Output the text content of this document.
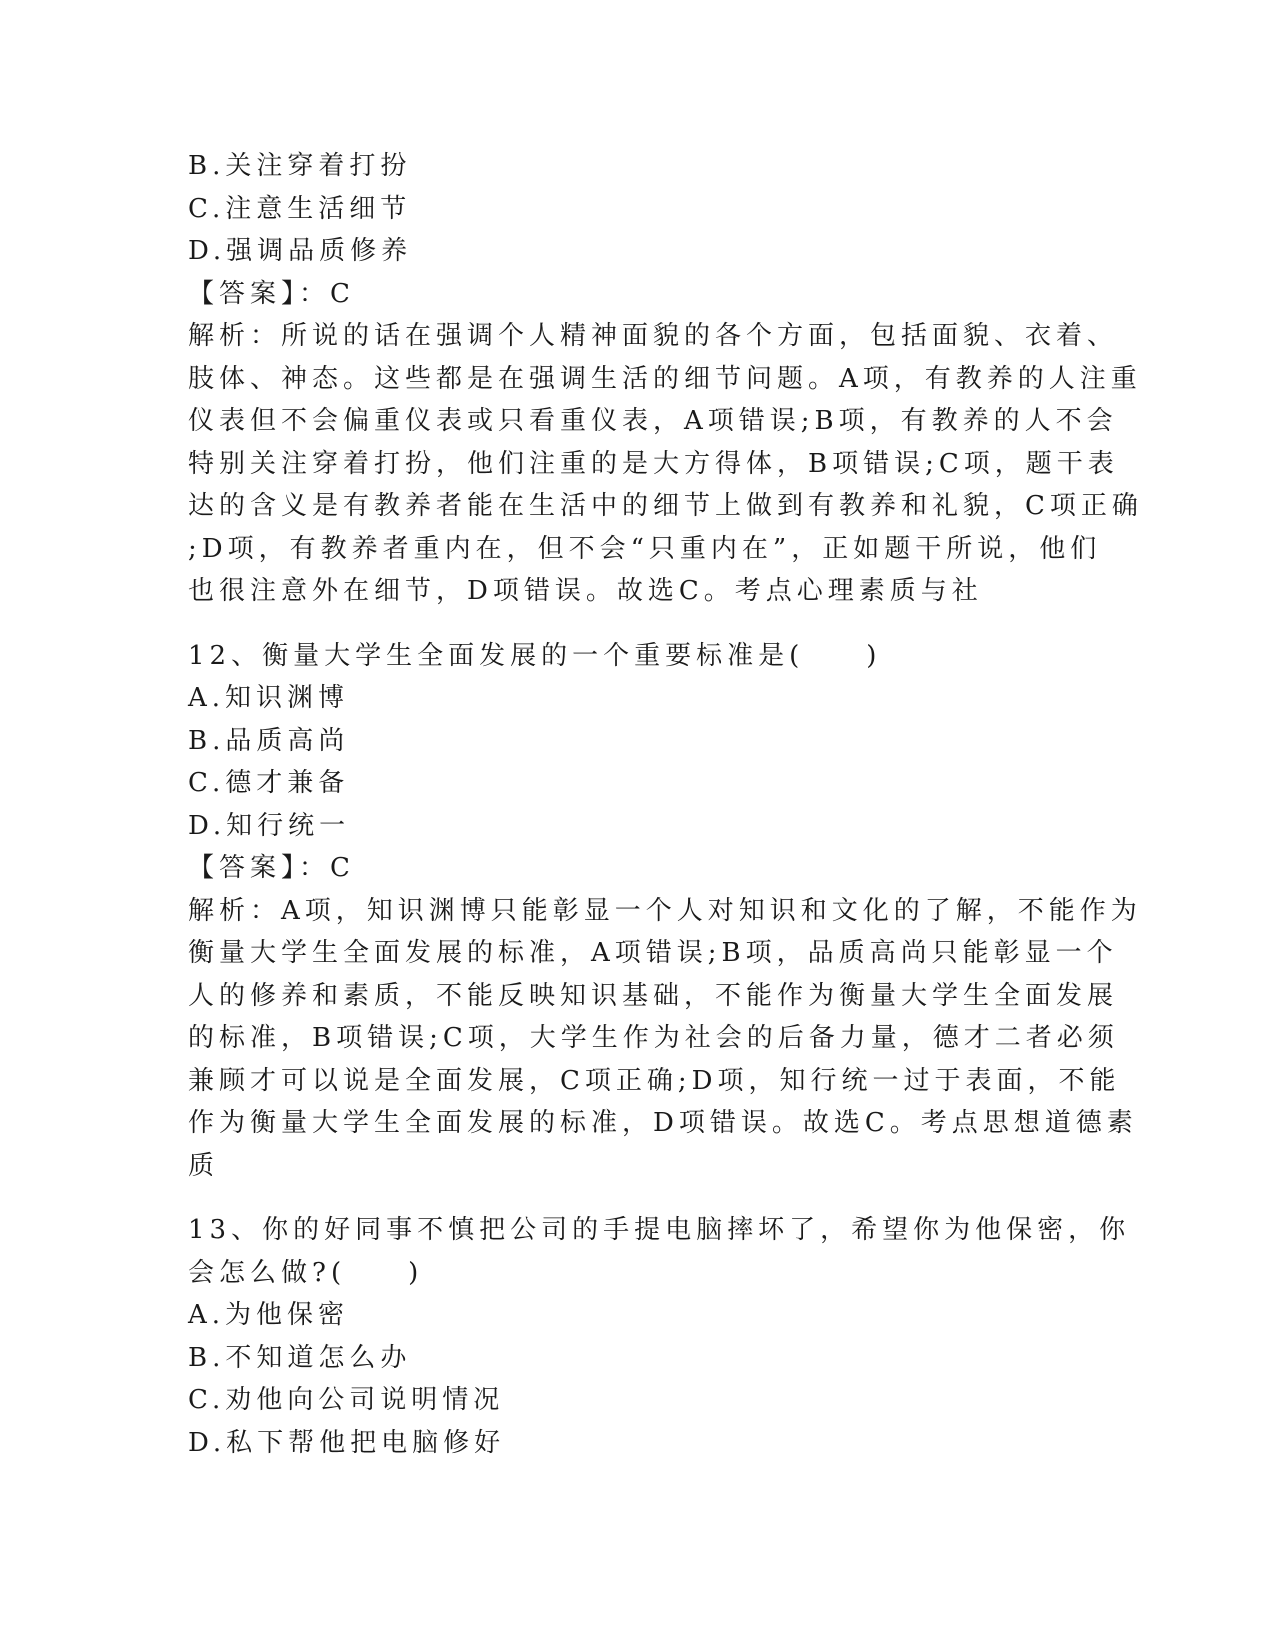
B.关注穿着打扮
C.注意生活细节
D.强调品质修养
【答案】：C
解析：所说的话在强调个人精神面貌的各个方面，包括面貌、衣着、
肢体、神态。这些都是在强调生活的细节问题。A项，有教养的人注重
仪表但不会偏重仪表或只看重仪表，A项错误;B项，有教养的人不会
特别关注穿着打扮，他们注重的是大方得体，B项错误;C项，题干表
达的含义是有教养者能在生活中的细节上做到有教养和礼貌，C项正确
;D项，有教养者重内在，但不会“只重内在”，正如题干所说，他们
也很注意外在细节，D项错误。故选C。考点心理素质与社
12、衡量大学生全面发展的一个重要标准是(　　)
A.知识渊博
B.品质高尚
C.德才兼备
D.知行统一
【答案】：C
解析：A项，知识渊博只能彰显一个人对知识和文化的了解，不能作为
衡量大学生全面发展的标准，A项错误;B项，品质高尚只能彰显一个
人的修养和素质，不能反映知识基础，不能作为衡量大学生全面发展
的标准，B项错误;C项，大学生作为社会的后备力量，德才二者必须
兼顾才可以说是全面发展，C项正确;D项，知行统一过于表面，不能
作为衡量大学生全面发展的标准，D项错误。故选C。考点思想道德素
质
13、你的好同事不慎把公司的手提电脑摔坏了，希望你为他保密，你
会怎么做?(　　)
A.为他保密
B.不知道怎么办
C.劝他向公司说明情况
D.私下帮他把电脑修好
